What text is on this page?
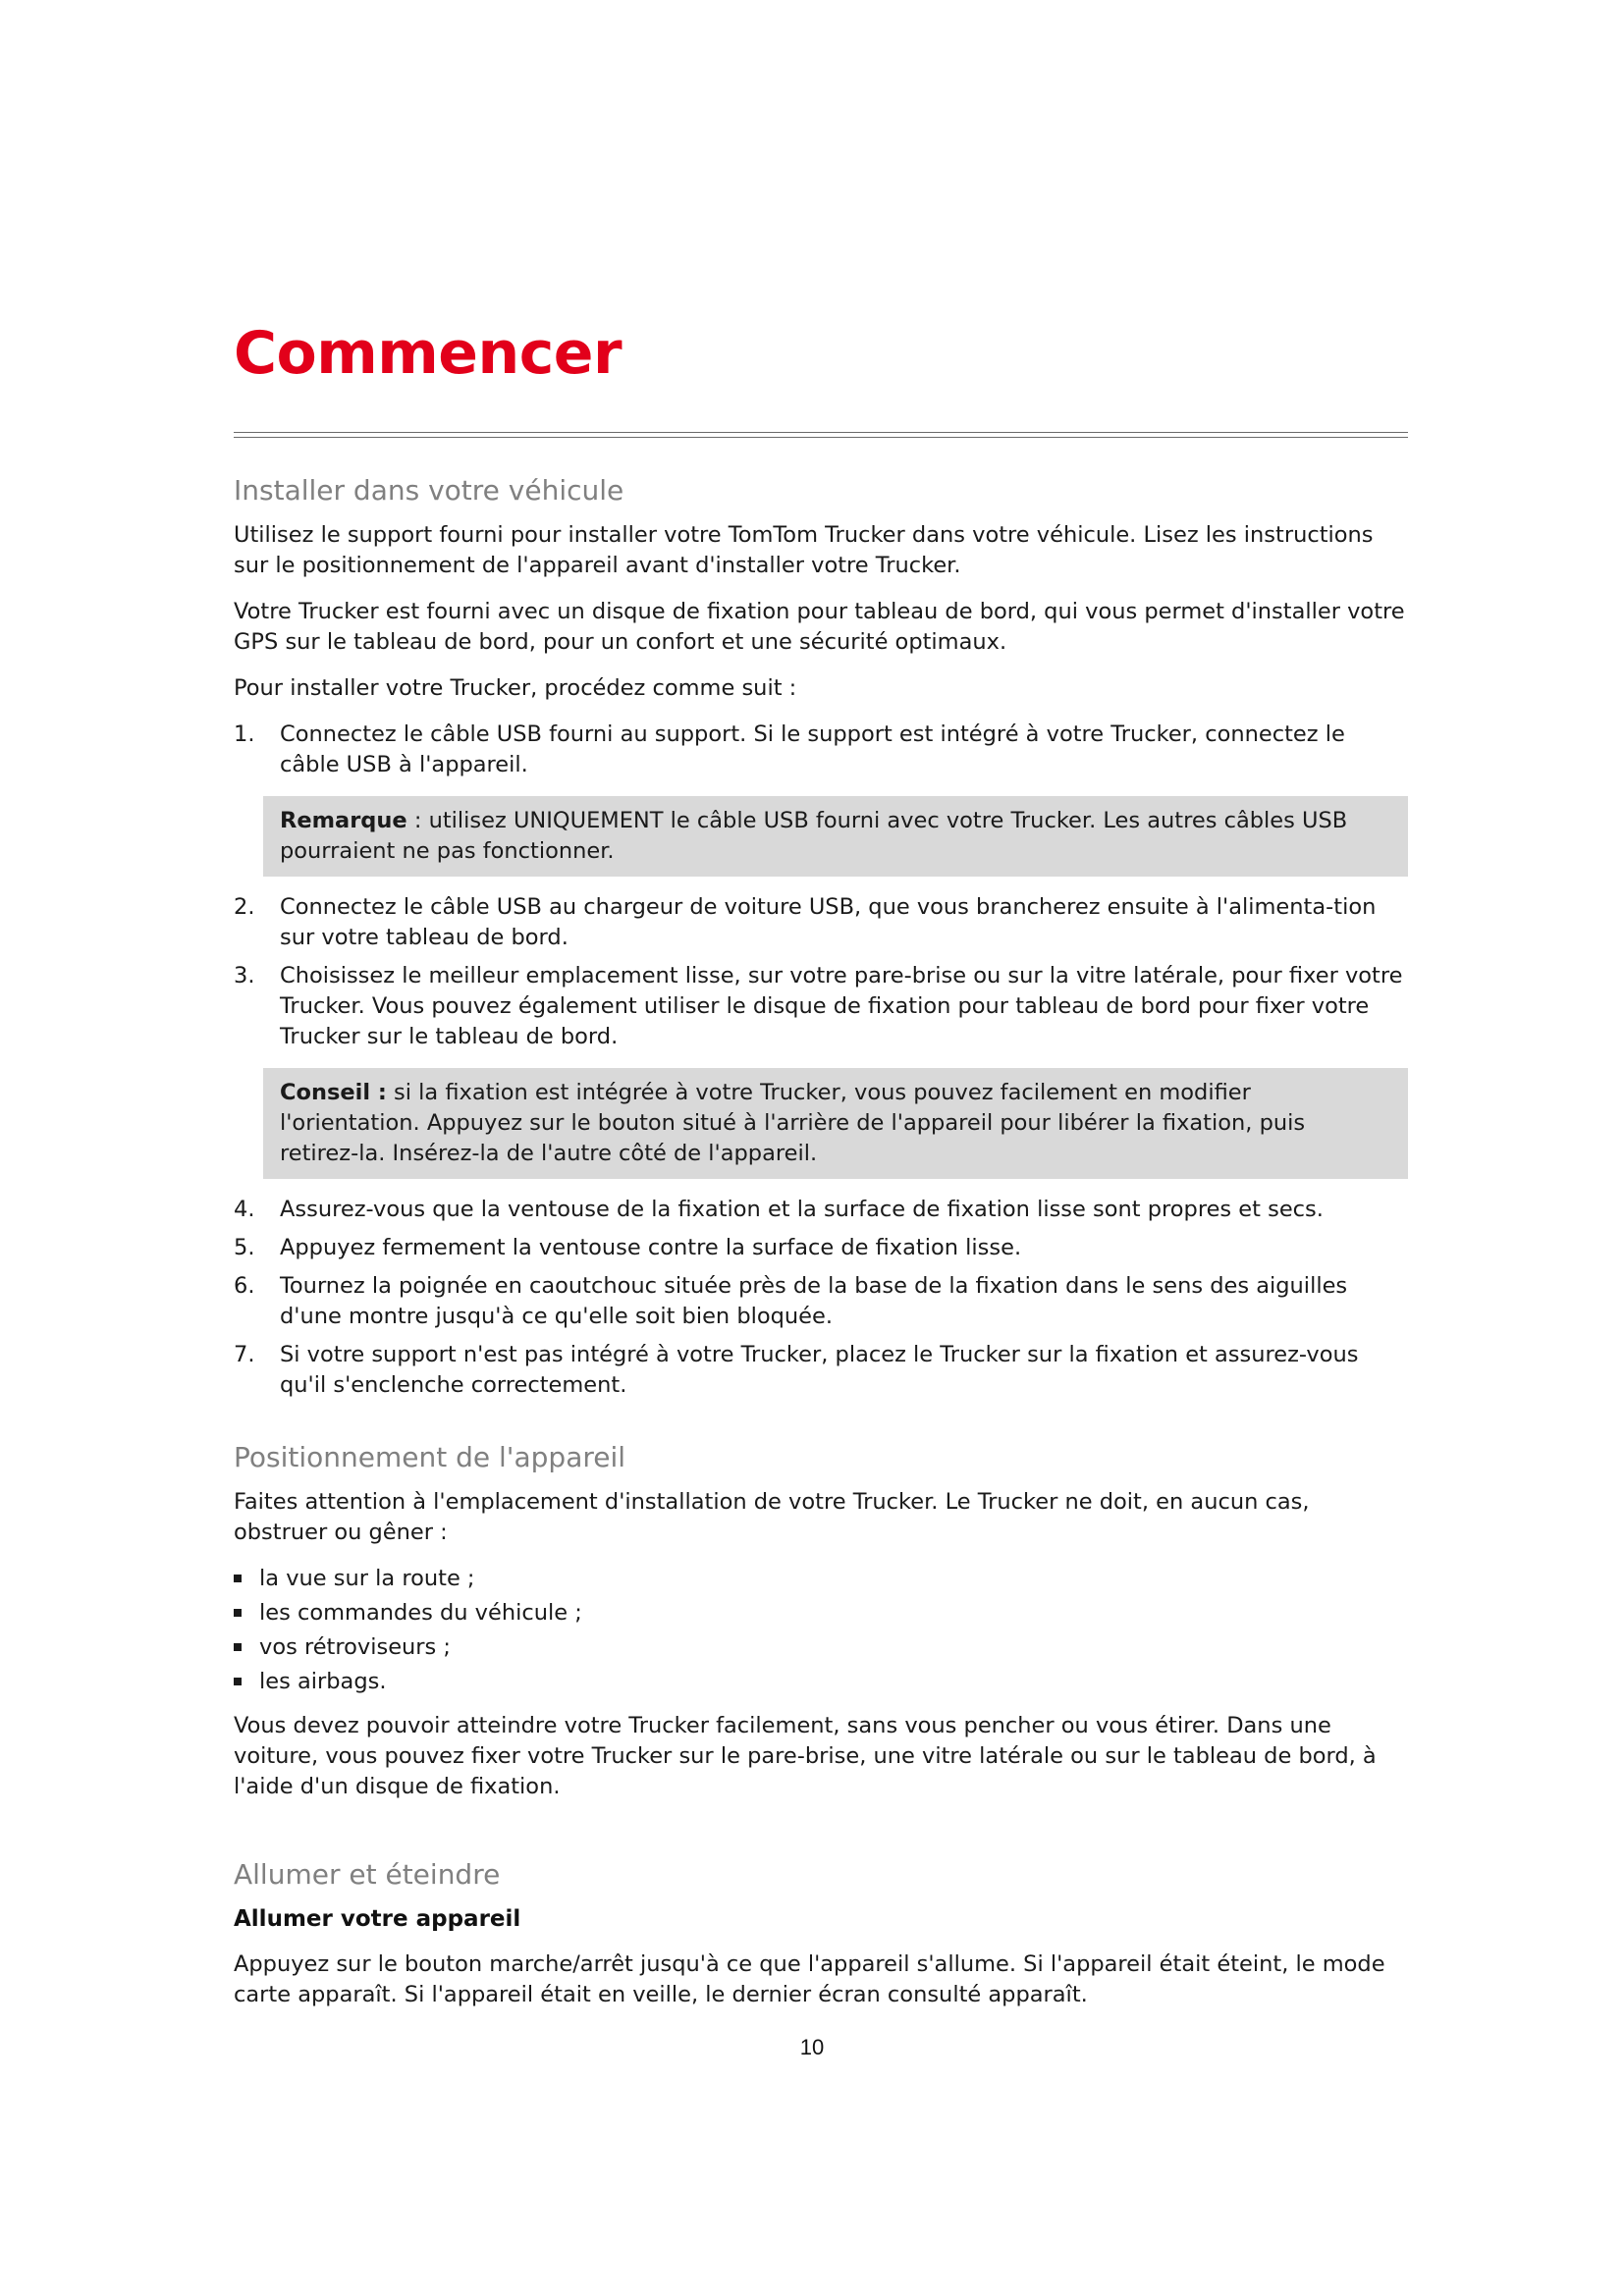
Commencer
Installer dans votre véhicule

Utilisez le support fourni pour installer votre TomTom Trucker dans votre véhicule. Lisez les instructions sur le positionnement de l'appareil avant d'installer votre Trucker.

Votre Trucker est fourni avec un disque de fixation pour tableau de bord, qui vous permet d'installer votre GPS sur le tableau de bord, pour un confort et une sécurité optimaux.

Pour installer votre Trucker, procédez comme suit :

1. Connectez le câble USB fourni au support. Si le support est intégré à votre Trucker, connectez le câble USB à l'appareil.
Remarque : utilisez UNIQUEMENT le câble USB fourni avec votre Trucker. Les autres câbles USB pourraient ne pas fonctionner.
2. Connectez le câble USB au chargeur de voiture USB, que vous brancherez ensuite à l'alimenta-tion sur votre tableau de bord.
3. Choisissez le meilleur emplacement lisse, sur votre pare-brise ou sur la vitre latérale, pour fixer votre Trucker. Vous pouvez également utiliser le disque de fixation pour tableau de bord pour fixer votre Trucker sur le tableau de bord.
Conseil : si la fixation est intégrée à votre Trucker, vous pouvez facilement en modifier l'orientation. Appuyez sur le bouton situé à l'arrière de l'appareil pour libérer la fixation, puis retirez-la. Insérez-la de l'autre côté de l'appareil.
4. Assurez-vous que la ventouse de la fixation et la surface de fixation lisse sont propres et secs.
5. Appuyez fermement la ventouse contre la surface de fixation lisse.
6. Tournez la poignée en caoutchouc située près de la base de la fixation dans le sens des aiguilles d'une montre jusqu'à ce qu'elle soit bien bloquée.
7. Si votre support n'est pas intégré à votre Trucker, placez le Trucker sur la fixation et assurez-vous qu'il s'enclenche correctement.
Positionnement de l'appareil

Faites attention à l'emplacement d'installation de votre Trucker. Le Trucker ne doit, en aucun cas, obstruer ou gêner :

la vue sur la route ;
les commandes du véhicule ;
vos rétroviseurs ;
les airbags.

Vous devez pouvoir atteindre votre Trucker facilement, sans vous pencher ou vous étirer. Dans une voiture, vous pouvez fixer votre Trucker sur le pare-brise, une vitre latérale ou sur le tableau de bord, à l'aide d'un disque de fixation.

Allumer et éteindre
Allumer votre appareil

Appuyez sur le bouton marche/arrêt jusqu'à ce que l'appareil s'allume. Si l'appareil était éteint, le mode carte apparaît. Si l'appareil était en veille, le dernier écran consulté apparaît.

10
